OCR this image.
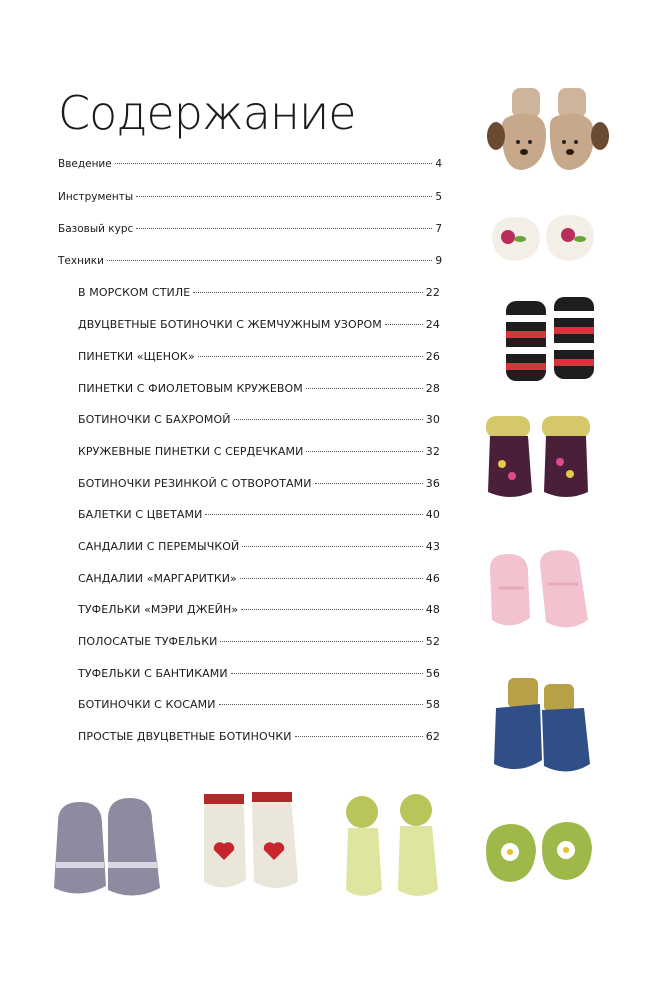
Содержание
Введение	4
Инструменты	5
Базовый курс	7
Техники	9
В МОРСКОМ СТИЛЕ	22
ДВУЦВЕТНЫЕ БОТИНОЧКИ С ЖЕМЧУЖНЫМ УЗОРОМ	24
ПИНЕТКИ «ЩЕНОК»	26
ПИНЕТКИ С ФИОЛЕТОВЫМ КРУЖЕВОМ	28
БОТИНОЧКИ С БАХРОМОЙ	30
КРУЖЕВНЫЕ ПИНЕТКИ С СЕРДЕЧКАМИ	32
БОТИНОЧКИ РЕЗИНКОЙ С ОТВОРОТАМИ	36
БАЛЕТКИ С ЦВЕТАМИ	40
САНДАЛИИ С ПЕРЕМЫЧКОЙ	43
САНДАЛИИ «МАРГАРИТКИ»	46
ТУФЕЛЬКИ «МЭРИ ДЖЕЙН»	48
ПОЛОСАТЫЕ ТУФЕЛЬКИ	52
ТУФЕЛЬКИ С БАНТИКАМИ	56
БОТИНОЧКИ С КОСАМИ	58
ПРОСТЫЕ ДВУЦВЕТНЫЕ БОТИНОЧКИ	62
